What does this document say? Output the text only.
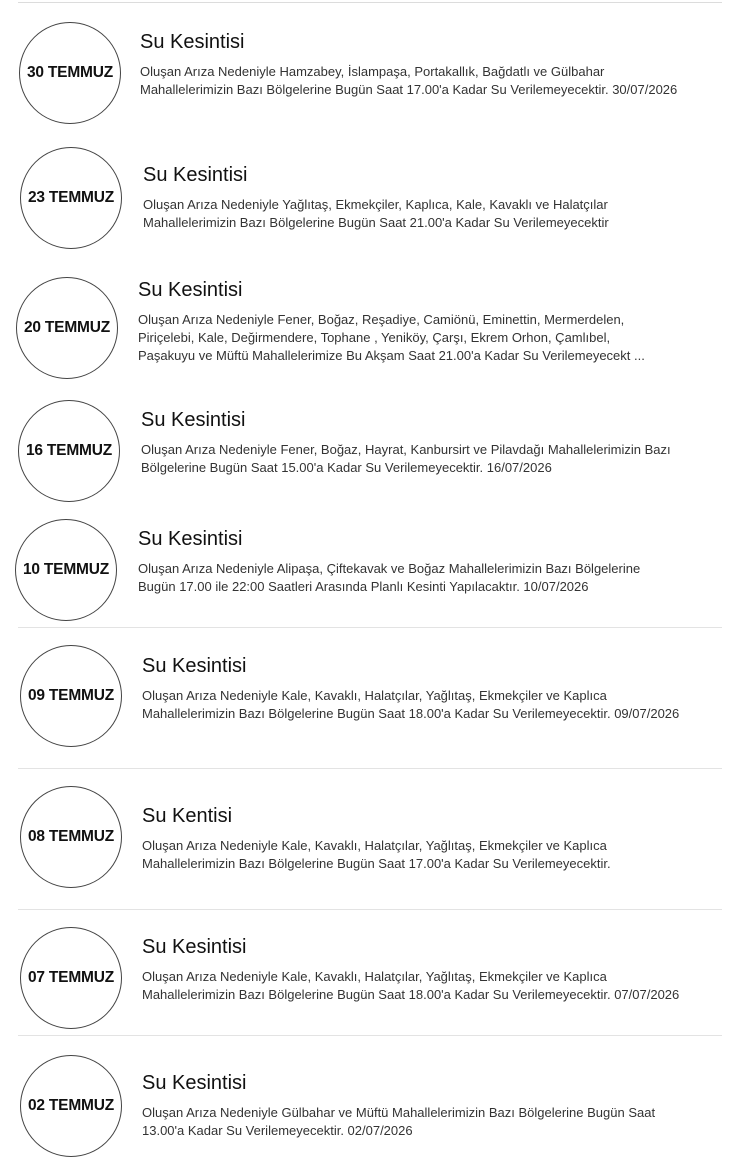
30 TEMMUZ
Su Kesintisi
Oluşan Arıza Nedeniyle Hamzabey, İslampaşa, Portakallık, Bağdatlı ve Gülbahar Mahallelerimizin Bazı Bölgelerine Bugün Saat 17.00'a Kadar Su Verilemeyecektir. 30/07/2026
23 TEMMUZ
Su Kesintisi
Oluşan Arıza Nedeniyle Yağlıtaş, Ekmekçiler, Kaplıca, Kale, Kavaklı ve Halatçılar Mahallelerimizin Bazı Bölgelerine Bugün Saat 21.00'a Kadar Su Verilemeyecektir
20 TEMMUZ
Su Kesintisi
Oluşan Arıza Nedeniyle Fener, Boğaz, Reşadiye, Camiönü, Eminettin, Mermerdelen, Piriçelebi, Kale, Değirmendere, Tophane , Yeniköy, Çarşı, Ekrem Orhon, Çamlıbel, Paşakuyu ve Müftü Mahallelerimize Bu Akşam Saat 21.00'a Kadar Su Verilemeyecekt ...
16 TEMMUZ
Su Kesintisi
Oluşan Arıza Nedeniyle Fener, Boğaz, Hayrat, Kanbursirt ve Pilavdağı Mahallelerimizin Bazı Bölgelerine Bugün Saat 15.00'a Kadar Su Verilemeyecektir. 16/07/2026
10 TEMMUZ
Su Kesintisi
Oluşan Arıza Nedeniyle Alipaşa, Çiftekavak ve Boğaz Mahallelerimizin Bazı Bölgelerine Bugün 17.00 ile 22:00 Saatleri Arasında Planlı Kesinti Yapılacaktır. 10/07/2026
09 TEMMUZ
Su Kesintisi
Oluşan Arıza Nedeniyle Kale, Kavaklı, Halatçılar, Yağlıtaş, Ekmekçiler ve Kaplıca Mahallelerimizin Bazı Bölgelerine Bugün Saat 18.00'a Kadar Su Verilemeyecektir. 09/07/2026
08 TEMMUZ
Su Kentisi
Oluşan Arıza Nedeniyle Kale, Kavaklı, Halatçılar, Yağlıtaş, Ekmekçiler ve Kaplıca Mahallelerimizin Bazı Bölgelerine Bugün Saat 17.00'a Kadar Su Verilemeyecektir.
07 TEMMUZ
Su Kesintisi
Oluşan Arıza Nedeniyle Kale, Kavaklı, Halatçılar, Yağlıtaş, Ekmekçiler ve Kaplıca Mahallelerimizin Bazı Bölgelerine Bugün Saat 18.00'a Kadar Su Verilemeyecektir. 07/07/2026
02 TEMMUZ
Su Kesintisi
Oluşan Arıza Nedeniyle Gülbahar ve Müftü Mahallelerimizin Bazı Bölgelerine Bugün Saat 13.00'a Kadar Su Verilemeyecektir. 02/07/2026
